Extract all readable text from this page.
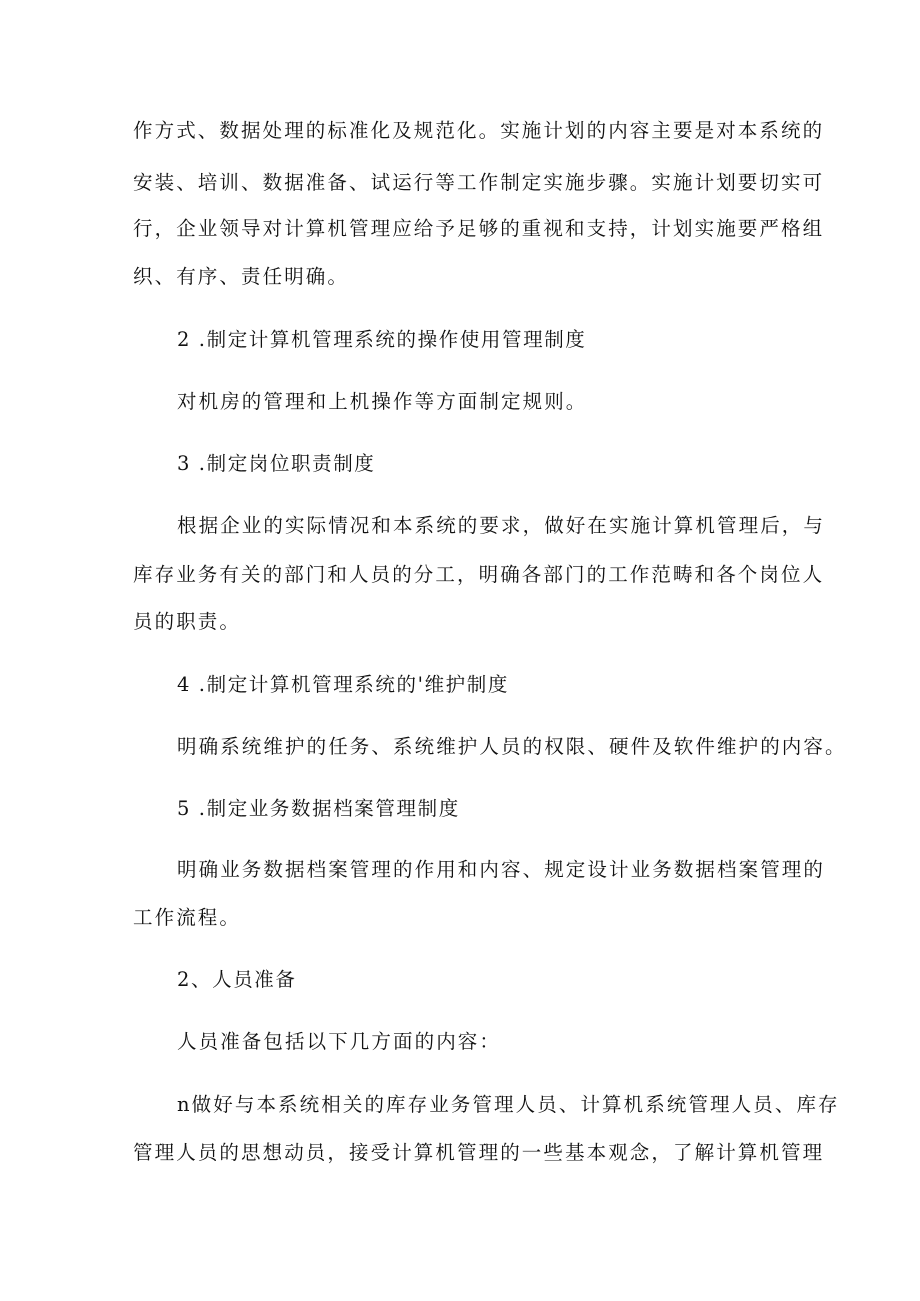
作方式、数据处理的标准化及规范化。实施计划的内容主要是对本系统的
安装、培训、数据准备、试运行等工作制定实施步骤。实施计划要切实可
行，企业领导对计算机管理应给予足够的重视和支持，计划实施要严格组
织、有序、责任明确。
2 .制定计算机管理系统的操作使用管理制度
对机房的管理和上机操作等方面制定规则。
3 .制定岗位职责制度
根据企业的实际情况和本系统的要求，做好在实施计算机管理后，与
库存业务有关的部门和人员的分工，明确各部门的工作范畴和各个岗位人
员的职责。
4 .制定计算机管理系统的'维护制度
明确系统维护的任务、系统维护人员的权限、硬件及软件维护的内容。
5 .制定业务数据档案管理制度
明确业务数据档案管理的作用和内容、规定设计业务数据档案管理的
工作流程。
2、人员准备
人员准备包括以下几方面的内容：
n做好与本系统相关的库存业务管理人员、计算机系统管理人员、库存
管理人员的思想动员，接受计算机管理的一些基本观念，了解计算机管理
